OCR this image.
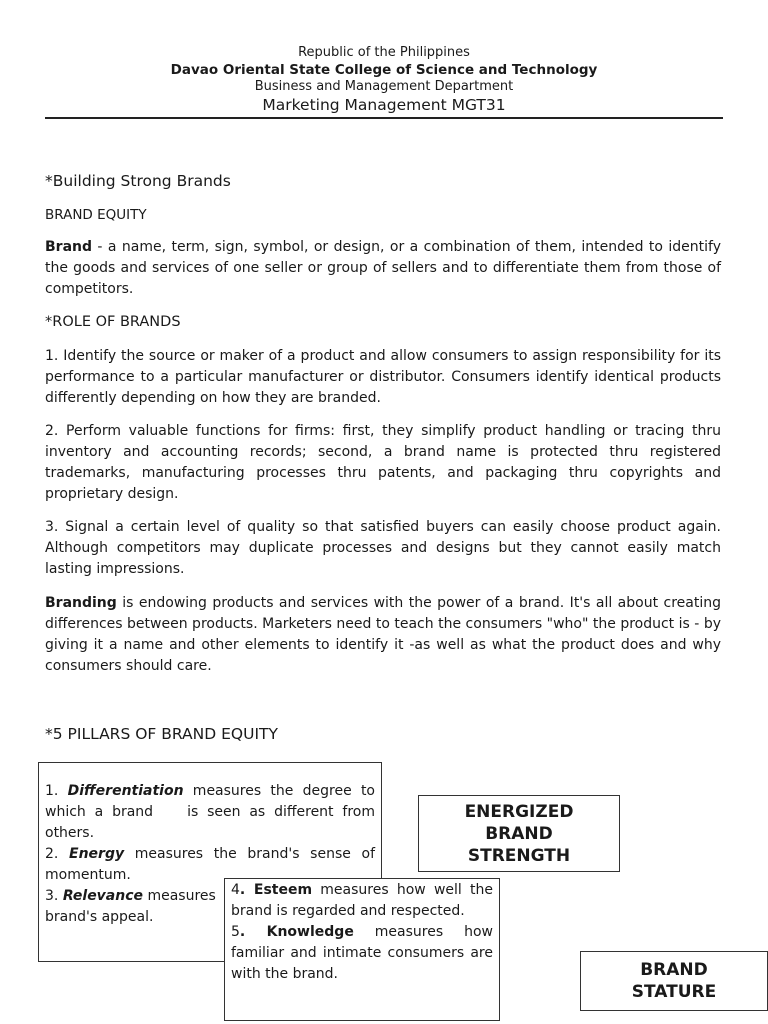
Republic of the Philippines
Davao Oriental State College of Science and Technology
Business and Management Department
Marketing Management MGT31
*Building Strong Brands
BRAND EQUITY
Brand - a name, term, sign, symbol, or design, or a combination of them, intended to identify the goods and services of one seller or group of sellers and to differentiate them from those of competitors.
*ROLE OF BRANDS
1. Identify the source or maker of a product and allow consumers to assign responsibility for its performance to a particular manufacturer or distributor. Consumers identify identical products differently depending on how they are branded.
2. Perform valuable functions for firms: first, they simplify product handling or tracing thru inventory and accounting records; second, a brand name is protected thru registered trademarks, manufacturing processes thru patents, and packaging thru copyrights and proprietary design.
3. Signal a certain level of quality so that satisfied buyers can easily choose product again. Although competitors may duplicate processes and designs but they cannot easily match lasting impressions.
Branding is endowing products and services with the power of a brand. It's all about creating differences between products. Marketers need to teach the consumers "who" the product is - by giving it a name and other elements to identify it -as well as what the product does and why consumers should care.
*5 PILLARS OF BRAND EQUITY

1. Differentiation measures the degree to which a brand is seen as different from others.

2. Energy measures the brand's sense of momentum.

3. Relevance measures

brand's appeal.

4. Esteem measures how well the brand is regarded and respected.

5. Knowledge measures how familiar and intimate consumers are with the brand.

ENERGIZED
BRAND
STRENGTH
BRAND
STATURE
